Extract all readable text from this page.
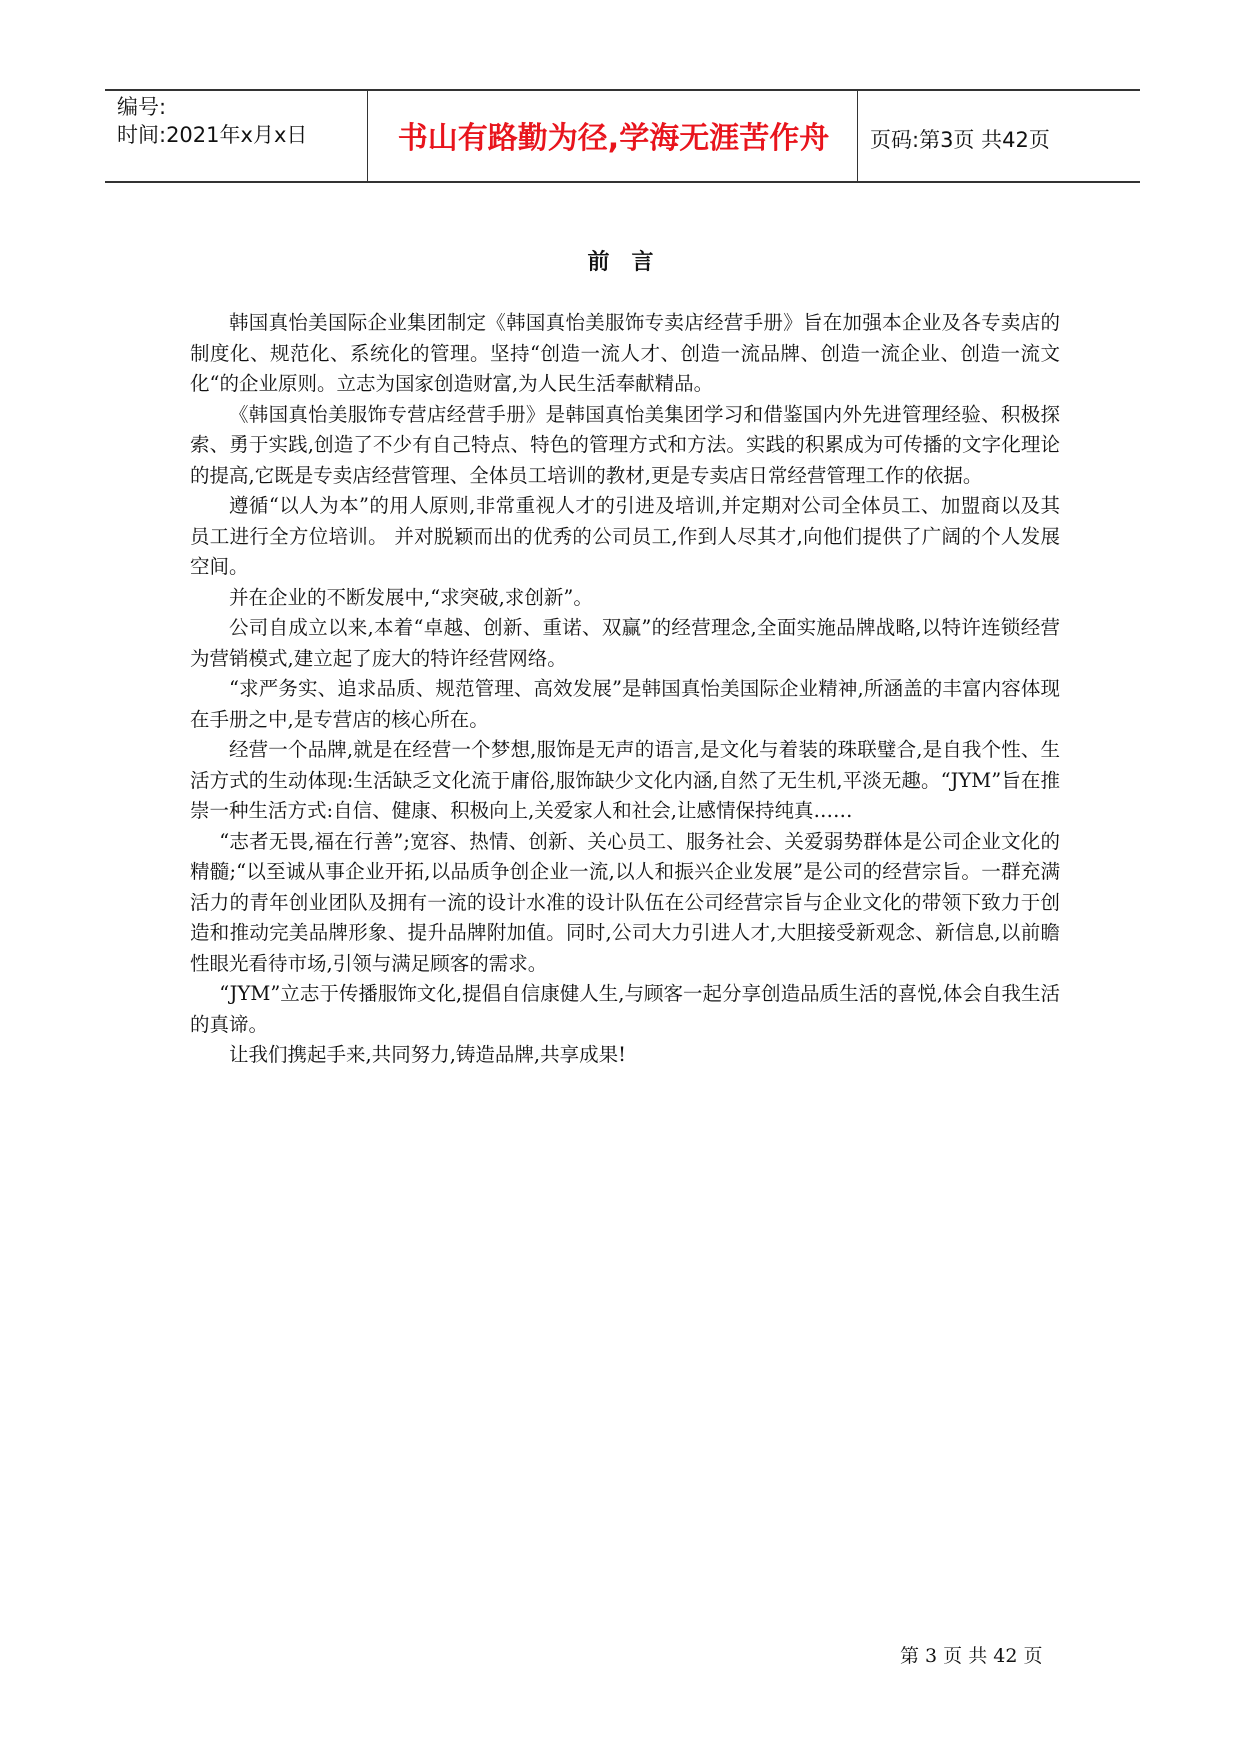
编号:
时间:2021年x月x日	书山有路勤为径,学海无涯苦作舟	页码:第3页 共42页
前言

韩国真怡美国际企业集团制定《韩国真怡美服饰专卖店经营手册》旨在加强本企业及各专卖店的制度化、规范化、系统化的管理。坚持“创造一流人才、创造一流品牌、创造一流企业、创造一流文化“的企业原则。立志为国家创造财富,为人民生活奉献精品。

《韩国真怡美服饰专营店经营手册》是韩国真怡美集团学习和借鉴国内外先进管理经验、积极探索、勇于实践,创造了不少有自己特点、特色的管理方式和方法。实践的积累成为可传播的文字化理论的提高,它既是专卖店经营管理、全体员工培训的教材,更是专卖店日常经营管理工作的依据。

遵循“以人为本”的用人原则,非常重视人才的引进及培训,并定期对公司全体员工、加盟商以及其员工进行全方位培训。 并对脱颖而出的优秀的公司员工,作到人尽其才,向他们提供了广阔的个人发展空间。

并在企业的不断发展中,“求突破,求创新”。

公司自成立以来,本着“卓越、创新、重诺、双赢”的经营理念,全面实施品牌战略,以特许连锁经营为营销模式,建立起了庞大的特许经营网络。

“求严务实、追求品质、规范管理、高效发展”是韩国真怡美国际企业精神,所涵盖的丰富内容体现在手册之中,是专营店的核心所在。

经营一个品牌,就是在经营一个梦想,服饰是无声的语言,是文化与着装的珠联璧合,是自我个性、生活方式的生动体现:生活缺乏文化流于庸俗,服饰缺少文化内涵,自然了无生机,平淡无趣。“JYM”旨在推崇一种生活方式:自信、健康、积极向上,关爱家人和社会,让感情保持纯真……

“志者无畏,福在行善”;宽容、热情、创新、关心员工、服务社会、关爱弱势群体是公司企业文化的精髓;“以至诚从事企业开拓,以品质争创企业一流,以人和振兴企业发展”是公司的经营宗旨。一群充满活力的青年创业团队及拥有一流的设计水准的设计队伍在公司经营宗旨与企业文化的带领下致力于创造和推动完美品牌形象、提升品牌附加值。同时,公司大力引进人才,大胆接受新观念、新信息,以前瞻性眼光看待市场,引领与满足顾客的需求。

“JYM”立志于传播服饰文化,提倡自信康健人生,与顾客一起分享创造品质生活的喜悦,体会自我生活的真谛。

让我们携起手来,共同努力,铸造品牌,共享成果!

第 3 页 共 42 页
